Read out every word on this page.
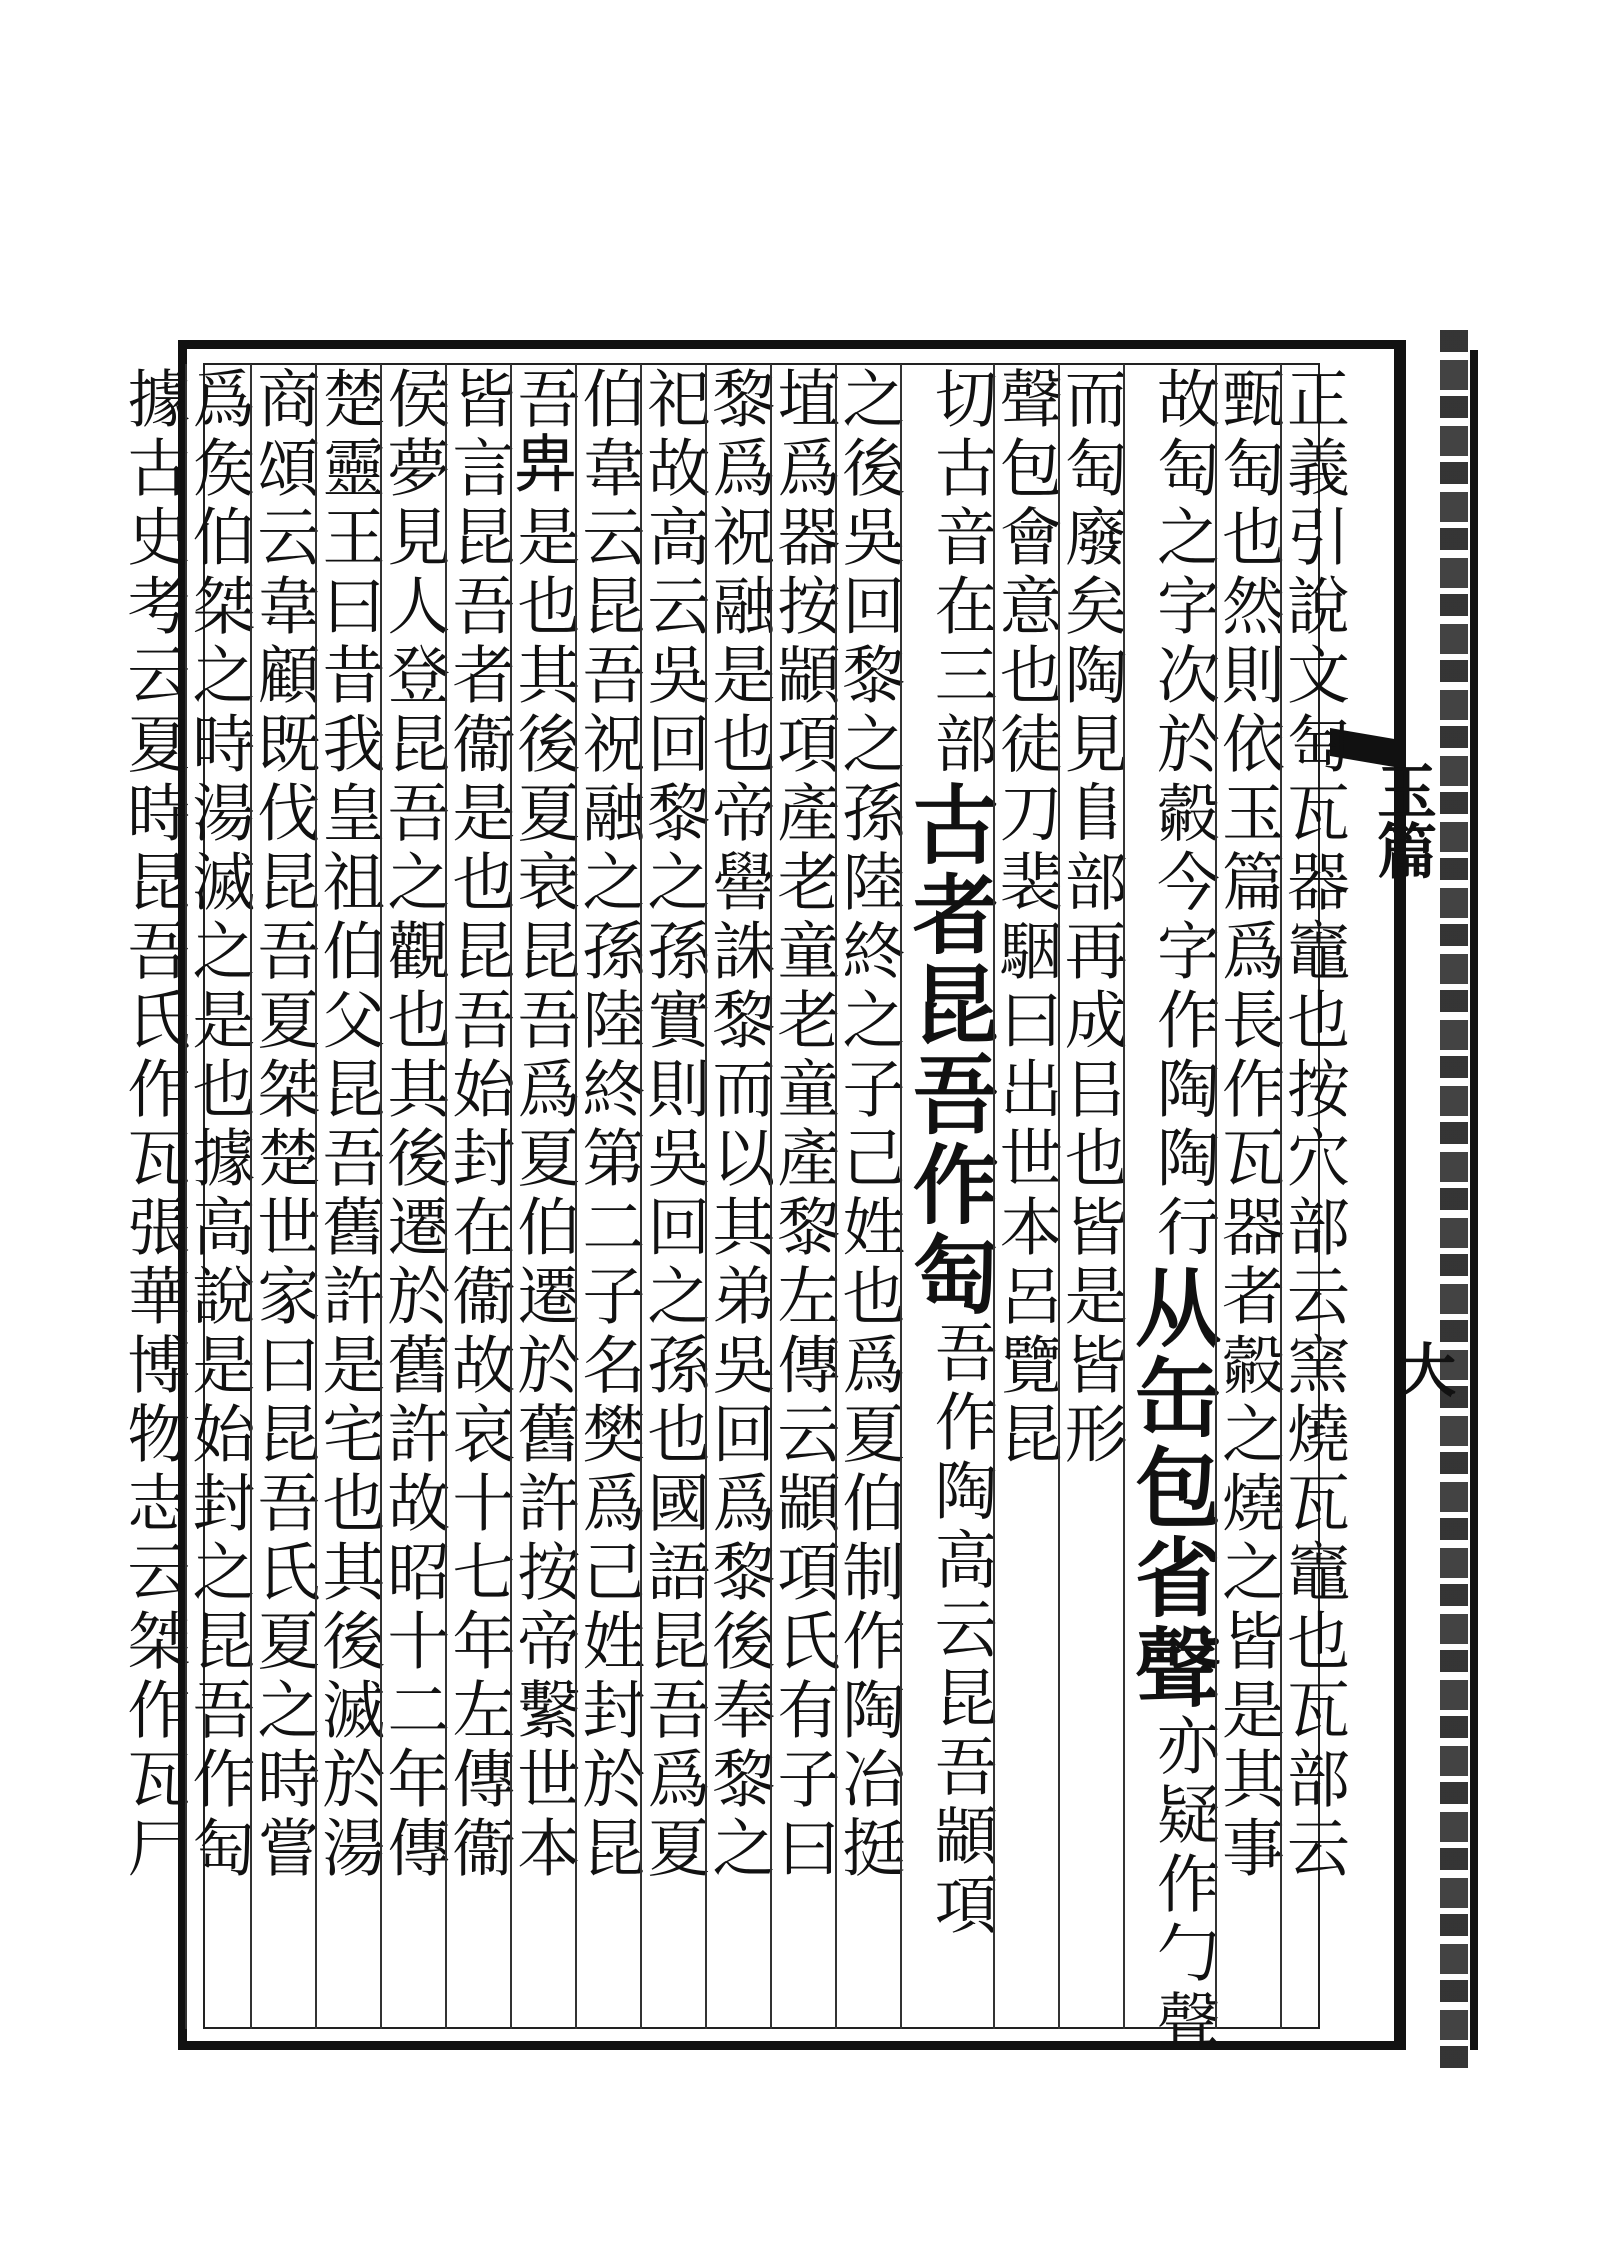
玉篇
大
正義引說文匋瓦器竈也按穴部云窯燒瓦竈也瓦部云
甄匋也然則依玉篇爲長作瓦器者㲉之燒之皆是其事
故匋之字次於㲉今字作陶陶行
从缶包省聲
亦疑作勹聲
而匋廢矣陶見𨸏部再成㠯也
皆是皆形
聲包會意也徒刀
裴駰曰出世本呂覽昆
切古音在三部
古者昆吾作匋
吾作陶高云昆吾顓項
之後吳回黎之孫陸終之子己姓也爲夏伯制作陶冶挺
埴爲器按顓項產老童老童產黎左傳云顓項氏有子曰
黎爲祝融是也帝嚳誅黎而以其弟吳回爲黎後奉黎之
祀故高云吳回黎之孫實則吳回之孫也國語昆吾爲夏
伯韋云昆吾祝融之孫陸終第二子名樊爲己姓封於昆
吾𢍁是也其後夏衰昆吾爲夏伯遷於舊許按帝繫世本
皆言昆吾者衞是也昆吾始封在衞故哀十七年左傳衞
侯夢見人登昆吾之觀也其後遷於舊許故昭十二年傳
楚靈王曰昔我皇祖伯父昆吾舊許是宅也其後滅於湯
商頌云韋顧既伐昆吾夏桀楚世家曰昆吾氏夏之時嘗
爲矦伯桀之時湯滅之是也據高說是始封之昆吾作匋
據古史考云夏時昆吾氏作瓦張華博物志云桀作瓦尸
